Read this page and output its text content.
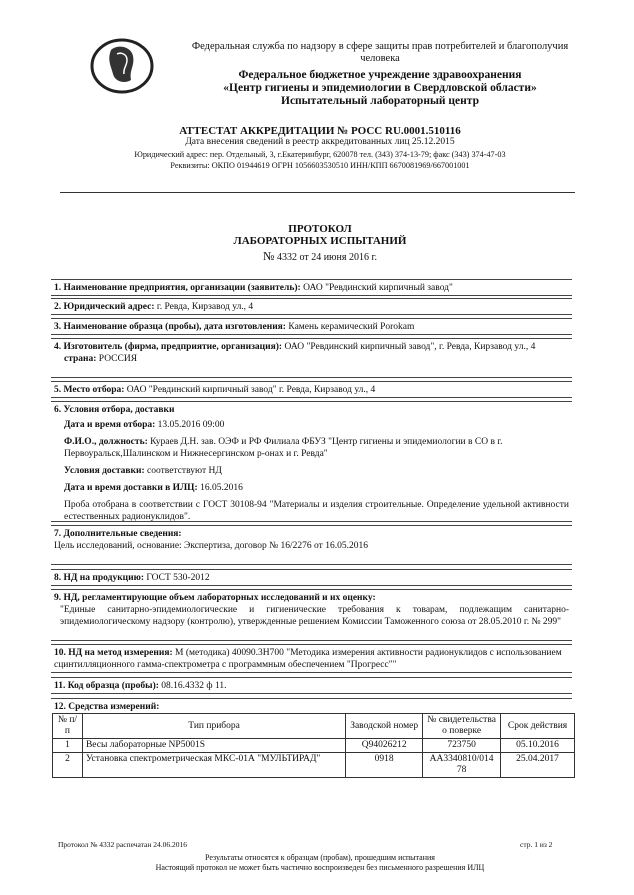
Федеральная служба по надзору в сфере защиты прав потребителей и благополучия человека
Федеральное бюджетное учреждение здравоохранения
«Центр гигиены и эпидемиологии в Свердловской области»
Испытательный лабораторный центр
АТТЕСТАТ АККРЕДИТАЦИИ № РОСС RU.0001.510116
Дата внесения сведений в реестр аккредитованных лиц 25.12.2015
Юридический адрес: пер. Отдельный, 3, г.Екатеринбург, 620078 тел. (343) 374-13-79; факс (343) 374-47-03
Реквизиты: ОКПО 01944619 ОГРН 1056603530510 ИНН/КПП 6670081969/667001001
ПРОТОКОЛ
ЛАБОРАТОРНЫХ ИСПЫТАНИЙ
№ 4332 от 24 июня 2016 г.
1. Наименование предприятия, организации (заявитель): ОАО "Ревдинский кирпичный завод"
2. Юридический адрес: г. Ревда, Кирзавод ул., 4
3. Наименование образца (пробы), дата изготовления: Камень керамический Porokam
4. Изготовитель (фирма, предприятие, организация): ОАО "Ревдинский кирпичный завод", г. Ревда, Кирзавод ул., 4
страна: РОССИЯ
5. Место отбора: ОАО "Ревдинский кирпичный завод" г. Ревда, Кирзавод ул., 4
6. Условия отбора, доставки
Дата и время отбора: 13.05.2016 09:00
Ф.И.О., должность: Кураев Д.Н. зав. ОЭФ и РФ Филиала ФБУЗ "Центр гигиены и эпидемиологии в СО в г. Первоуральск,Шалинском и Нижнесергинском р-онах и г. Ревда"
Условия доставки: соответствуют НД
Дата и время доставки в ИЛЦ: 16.05.2016
Проба отобрана в соответствии с ГОСТ 30108-94 "Материалы и изделия строительные. Определение удельной активности естественных радионуклидов".
7. Дополнительные сведения:
Цель исследований, основание: Экспертиза, договор № 16/2276 от 16.05.2016
8. НД на продукцию: ГОСТ 530-2012
9. НД, регламентирующие объем лабораторных исследований и их оценку:
"Единые санитарно-эпидемиологические и гигиенические требования к товарам, подлежащим санитарно-эпидемиологическому надзору (контролю), утвержденные решением Комиссии Таможенного союза от 28.05.2010 г. № 299"
10. НД на метод измерения: М (методика) 40090.3Н700 "Методика измерения активности радионуклидов с использованием сцинтилляционного гамма-спектрометра с программным обеспечением "Прогресс""
11. Код образца (пробы): 08.16.4332 ф 11.
12. Средства измерений:
№ п/п	Тип прибора	Заводской номер	№ свидетельства о поверке	Срок действия
1	Весы лабораторные NP5001S	Q94026212	723750	05.10.2016
2	Установка спектрометрическая МКС-01А "МУЛЬТИРАД"	0918	АА3340810/014 78	25.04.2017
Протокол № 4332 распечатан 24.06.2016	стр. 1 из 2
Результаты относятся к образцам (пробам), прошедшим испытания
Настоящий протокол не может быть частично воспроизведен без письменного разрешения ИЛЦ
